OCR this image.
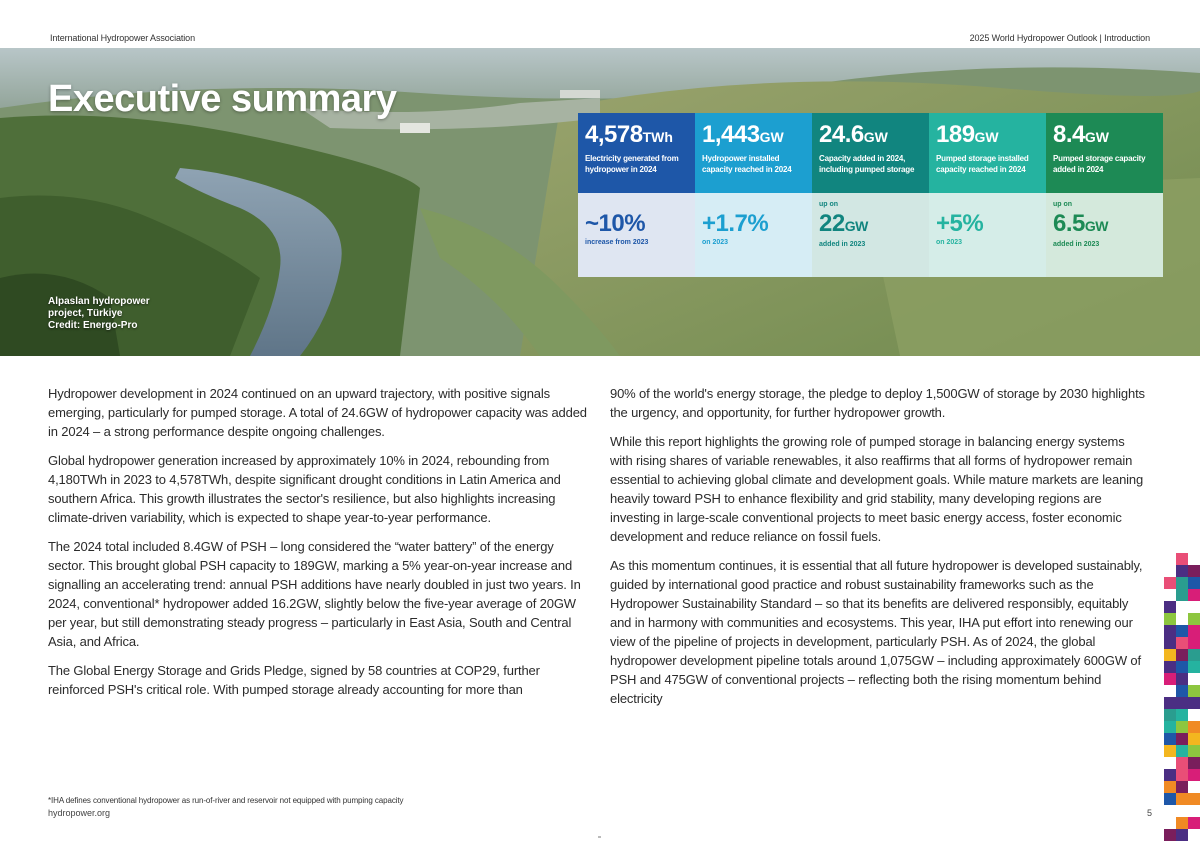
International Hydropower Association	2025 World Hydropower Outlook | Introduction
Executive summary
Alpaslan hydropower
project, Türkiye
Credit: Energo-Pro
4,578TWh
Electricity generated from hydropower in 2024
~10%
increase from 2023
1,443GW
Hydropower installed capacity reached in 2024
+1.7%
on 2023
24.6GW
Capacity added in 2024, including pumped storage
up on
22GW
added in 2023
189GW
Pumped storage installed capacity reached in 2024
+5%
on 2023
8.4GW
Pumped storage capacity added in 2024
up on
6.5GW
added in 2023

Hydropower development in 2024 continued on an upward trajectory, with positive signals emerging, particularly for pumped storage. A total of 24.6GW of hydropower capacity was added in 2024 – a strong performance despite ongoing challenges.

Global hydropower generation increased by approximately 10% in 2024, rebounding from 4,180TWh in 2023 to 4,578TWh, despite significant drought conditions in Latin America and southern Africa. This growth illustrates the sector's resilience, but also highlights increasing climate-driven variability, which is expected to shape year-to-year performance.

The 2024 total included 8.4GW of PSH – long considered the “water battery” of the energy sector. This brought global PSH capacity to 189GW, marking a 5% year-on-year increase and signalling an accelerating trend: annual PSH additions have nearly doubled in just two years. In 2024, conventional* hydropower added 16.2GW, slightly below the five-year average of 20GW per year, but still demonstrating steady progress – particularly in East Asia, South and Central Asia, and Africa.

The Global Energy Storage and Grids Pledge, signed by 58 countries at COP29, further reinforced PSH's critical role. With pumped storage already accounting for more than

90% of the world's energy storage, the pledge to deploy 1,500GW of storage by 2030 highlights the urgency, and opportunity, for further hydropower growth.

While this report highlights the growing role of pumped storage in balancing energy systems with rising shares of variable renewables, it also reaffirms that all forms of hydropower remain essential to achieving global climate and development goals. While mature markets are leaning heavily toward PSH to enhance flexibility and grid stability, many developing regions are investing in large-scale conventional projects to meet basic energy access, foster economic development and reduce reliance on fossil fuels.

As this momentum continues, it is essential that all future hydropower is developed sustainably, guided by international good practice and robust sustainability frameworks such as the Hydropower Sustainability Standard – so that its benefits are delivered responsibly, equitably and in harmony with communities and ecosystems. This year, IHA put effort into renewing our view of the pipeline of projects in development, particularly PSH. As of 2024, the global hydropower development pipeline totals around 1,075GW – including approximately 600GW of PSH and 475GW of conventional projects – reflecting both the rising momentum behind electricity

*IHA defines conventional hydropower as run-of-river and reservoir not equipped with pumping capacity
hydropower.org	5
